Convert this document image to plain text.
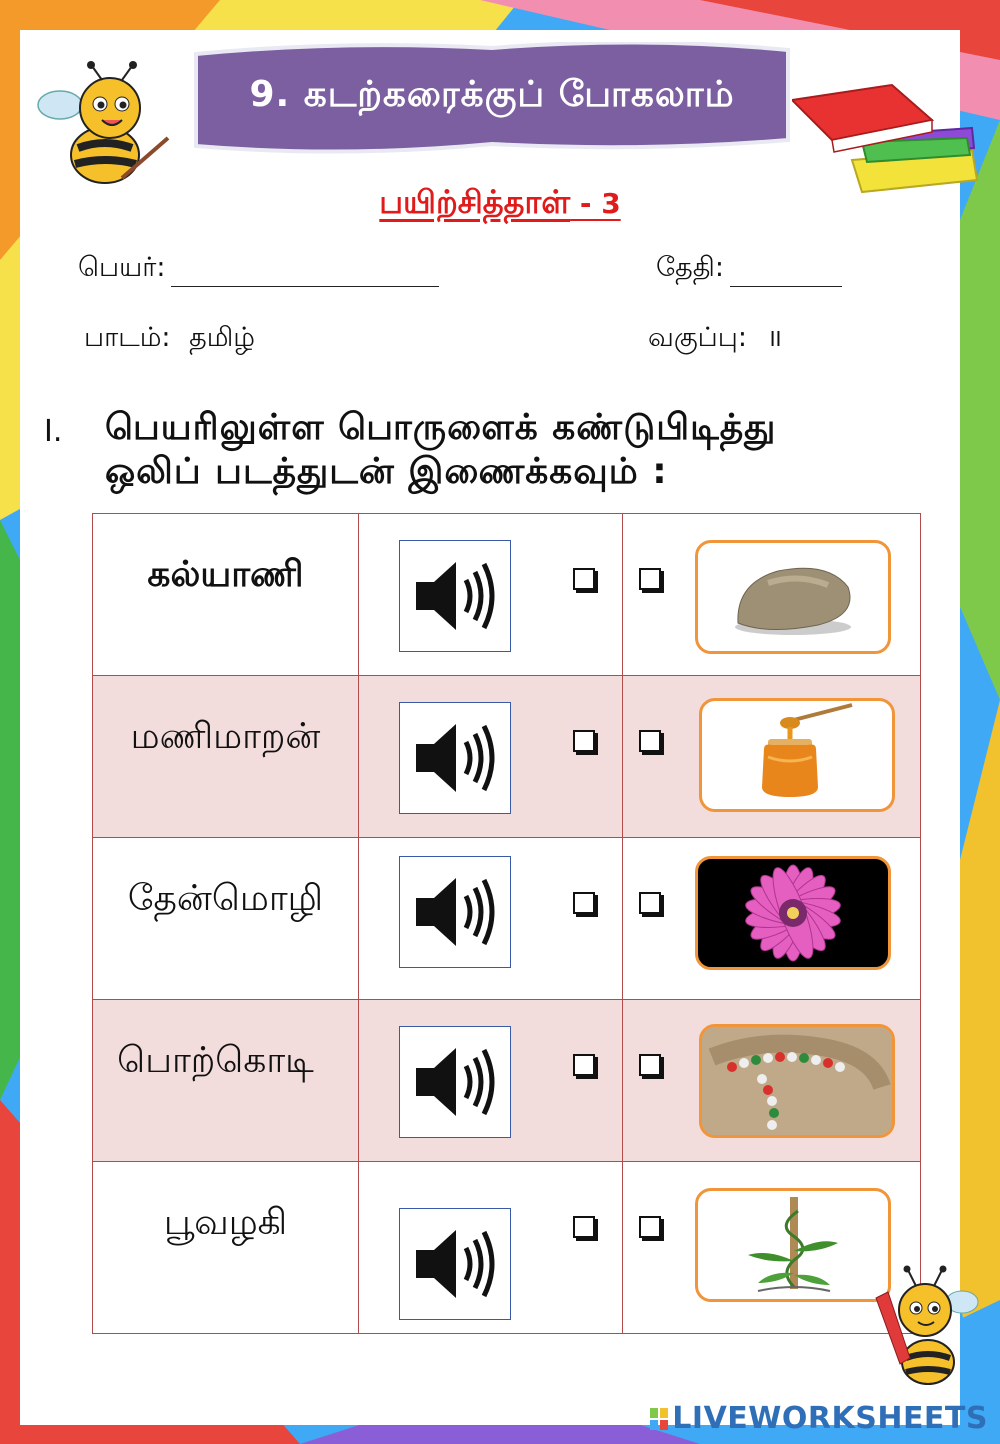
9. கடற்கரைக்குப் போகலாம்
பயிற்சித்தாள் - 3
பெயர்:	தேதி:
பாடம்: தமிழ்	வகுப்பு: II
I. பெயரிலுள்ள பொருளைக் கண்டுபிடித்து
ஒலிப் படத்துடன் இணைக்கவும் :
கல்யாணி

மணிமாறன்

தேன்மொழி

பொற்கொடி

பூவழகி

LIVEWORKSHEETS
